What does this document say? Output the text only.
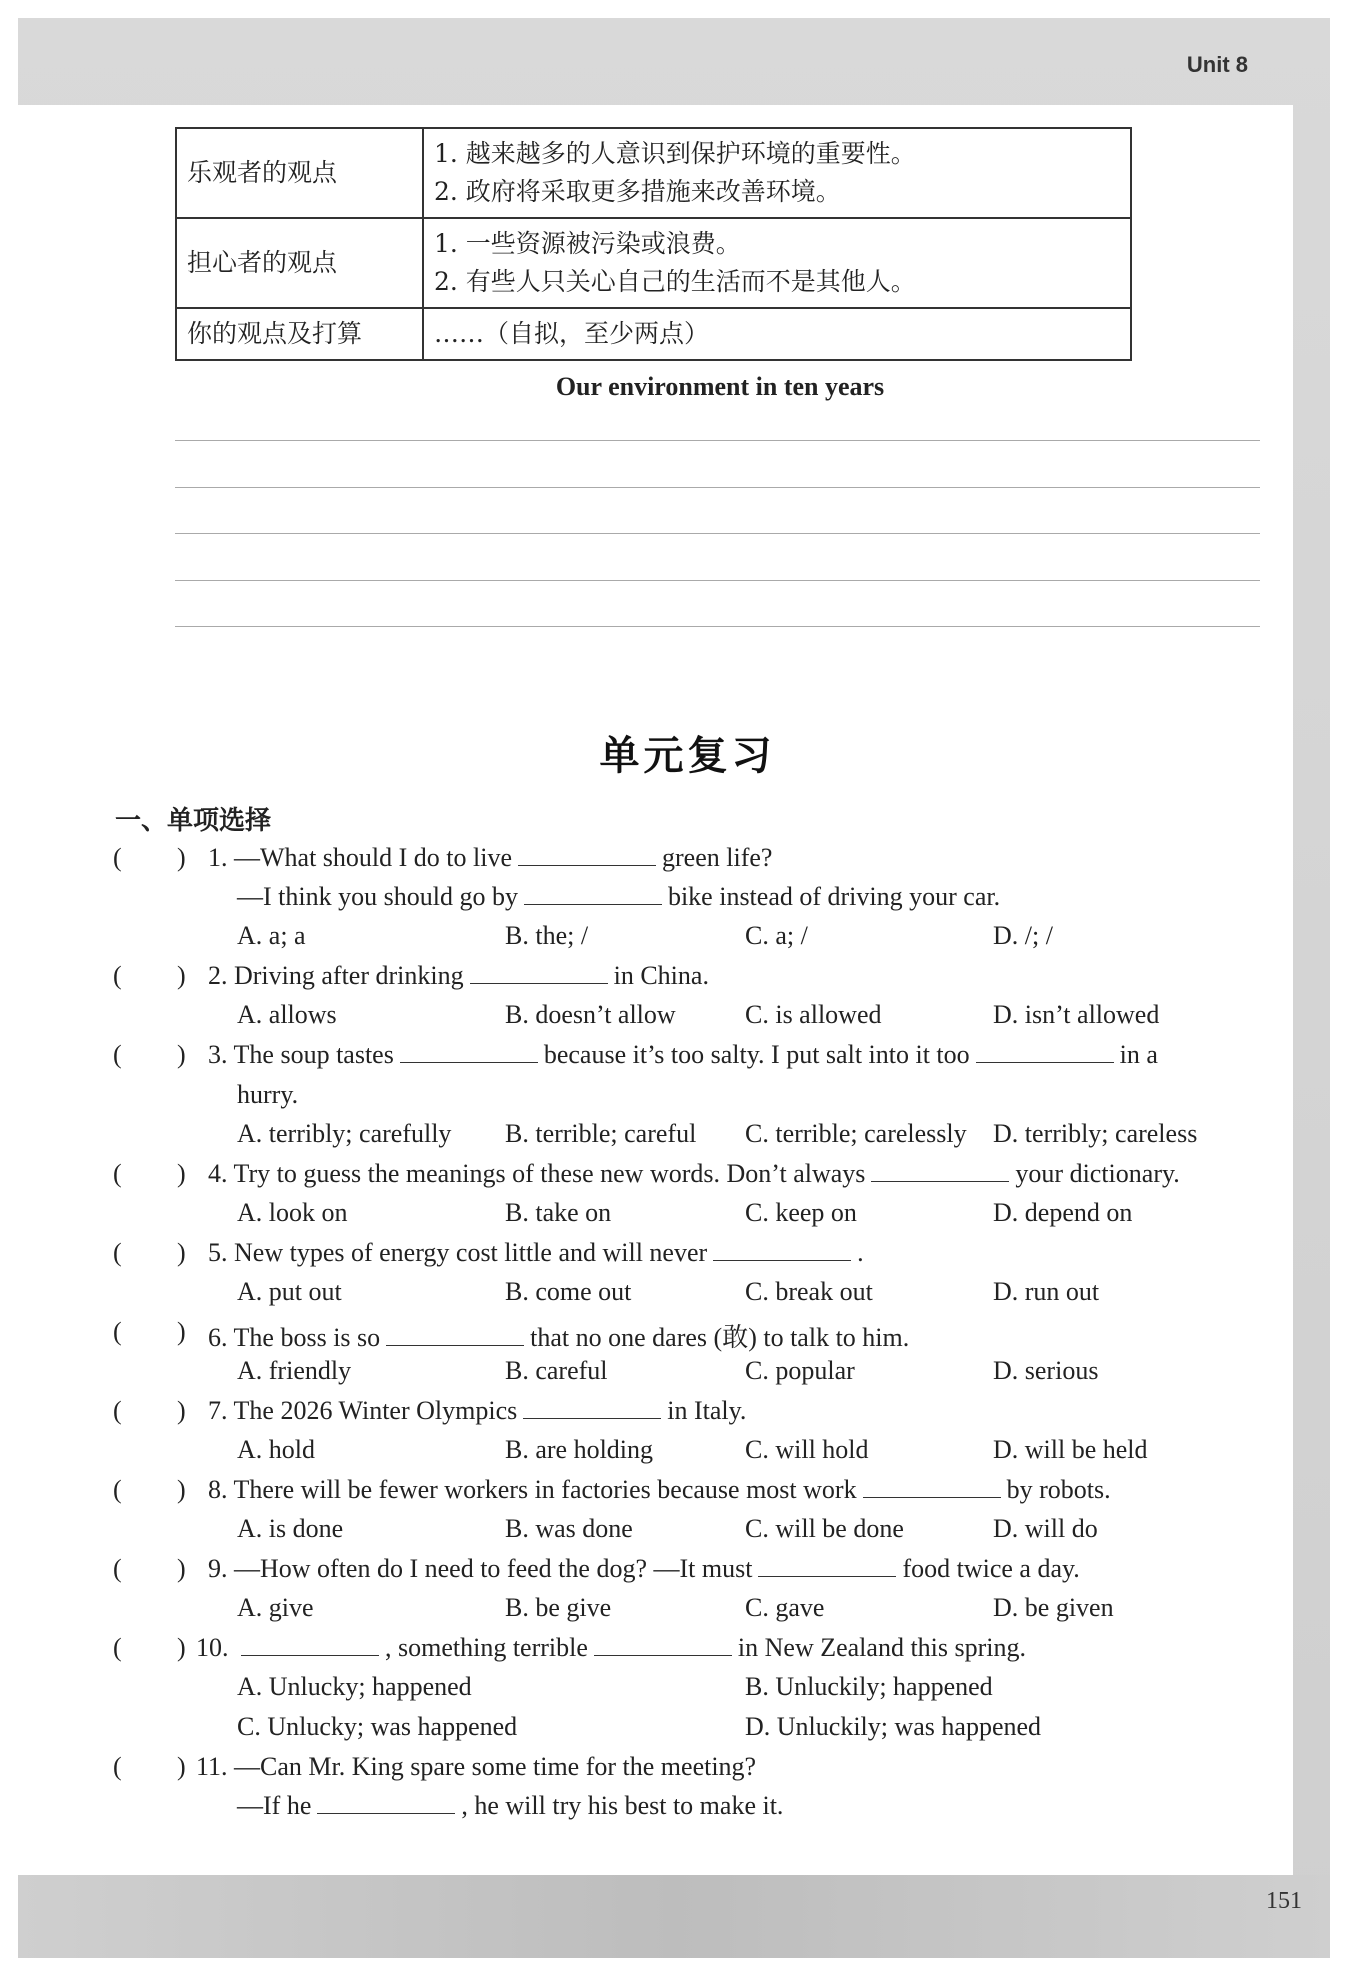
Unit 8
151
乐观者的观点	1. 越来越多的人意识到保护环境的重要性。
2. 政府将采取更多措施来改善环境。

担心者的观点	1. 一些资源被污染或浪费。
2. 有些人只关心自己的生活而不是其他人。

你的观点及打算	……（自拟，至少两点）
Our environment in ten years
单元复习
一、单项选择
( ) 1. —What should I do to live	green life?
—I think you should go by	bike instead of driving your car.
A. a; a	B. the; /	C. a; /	D. /; /
( ) 2. Driving after drinking	in China.
A. allows	B. doesn’t allow	C. is allowed	D. isn’t allowed
( ) 3. The soup tastes	because it’s too salty. I put salt into it too	in a
hurry.
A. terribly; carefully B. terrible; careful C. terrible; carelessly D. terribly; careless
( ) 4. Try to guess the meanings of these new words. Don’t always	your dictionary.
A. look on	B. take on	C. keep on	D. depend on
( ) 5. New types of energy cost little and will never	.
A. put out	B. come out	C. break out	D. run out
( ) 6. The boss is so	that no one dares (敢) to talk to him.
A. friendly	B. careful	C. popular	D. serious
( ) 7. The 2026 Winter Olympics	in Italy.
A. hold	B. are holding	C. will hold	D. will be held
( ) 8. There will be fewer workers in factories because most work	by robots.
A. is done	B. was done	C. will be done	D. will do
( ) 9. —How often do I need to feed the dog? —It must	food twice a day.
A. give	B. be give	C. gave	D. be given
( ) 10.	, something terrible	in New Zealand this spring.
A. Unlucky; happened	B. Unluckily; happened
C. Unlucky; was happened	D. Unluckily; was happened
( ) 11. —Can Mr. King spare some time for the meeting?
—If he	, he will try his best to make it.
